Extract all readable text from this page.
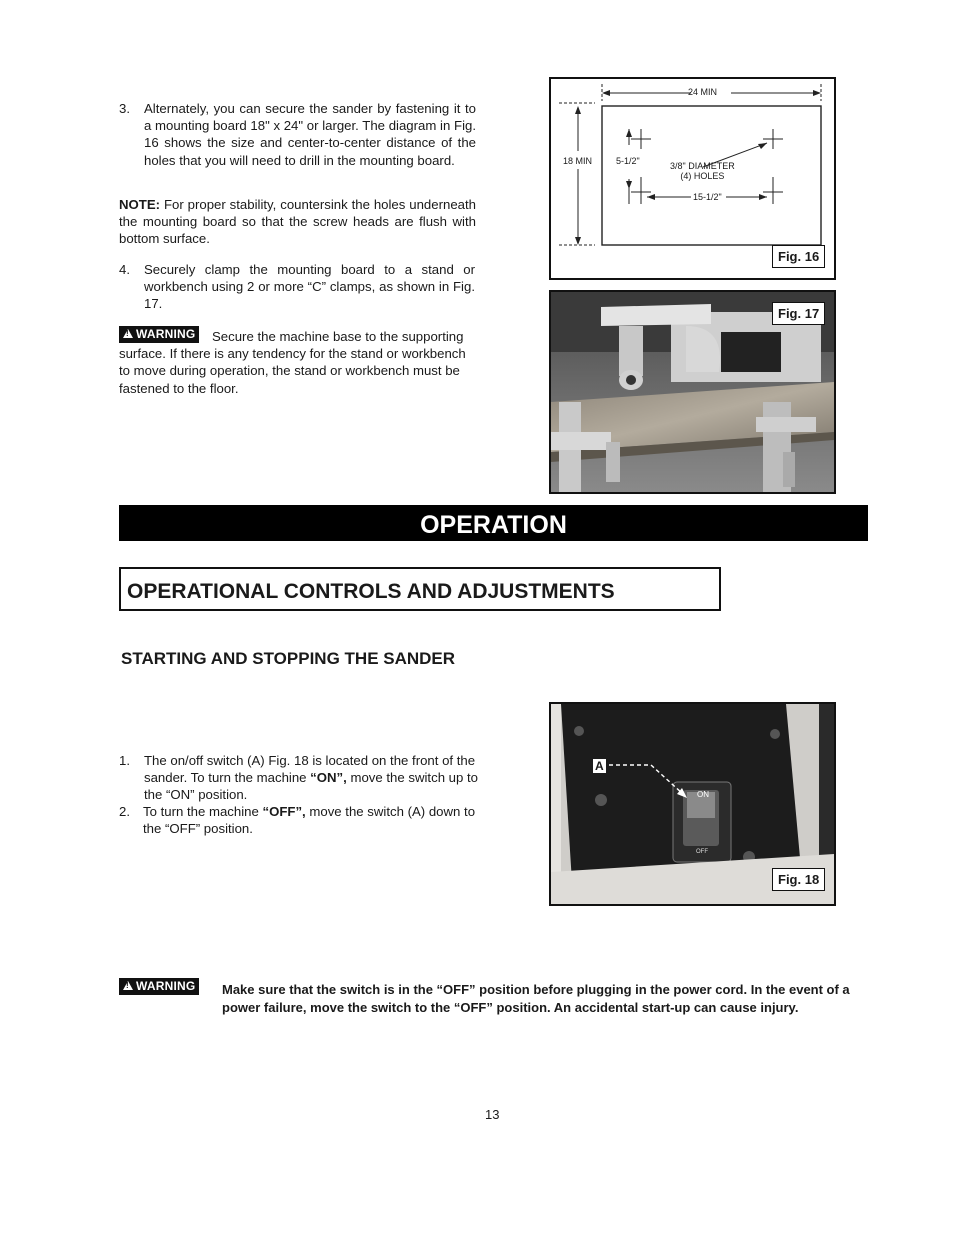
3. Alternately, you can secure the sander by fastening it to a mounting board 18" x 24" or larger. The diagram in Fig. 16 shows the size and center-to-center distance of the holes that you will need to drill in the mounting board.
NOTE: For proper stability, countersink the holes underneath the mounting board so that the screw heads are flush with bottom surface.
4. Securely clamp the mounting board to a stand or workbench using 2 or more “C” clamps, as shown in Fig. 17.
Secure the machine base to the supporting surface. If there is any tendency for the stand or workbench to move during operation, the stand or workbench must be fastened to the floor.
!WARNING
24 MIN
18 MIN	5-1/2"	3/8" DIAMETER
(4) HOLES
15-1/2"
Fig. 16
Fig. 17
OPERATION
OPERATIONAL CONTROLS AND ADJUSTMENTS
STARTING AND STOPPING THE SANDER
1. The on/off switch (A) Fig. 18 is located on the front of the sander. To turn the machine “ON”, move the switch up to the “ON” position.
2. To turn the machine “OFF”, move the switch (A) down to the “OFF” position.
ON
OFF
A
Fig. 18
!WARNING	Make sure that the switch is in the “OFF” position before plugging in the power cord. In the event of a power failure, move the switch to the “OFF” position. An accidental start-up can cause injury.
13
